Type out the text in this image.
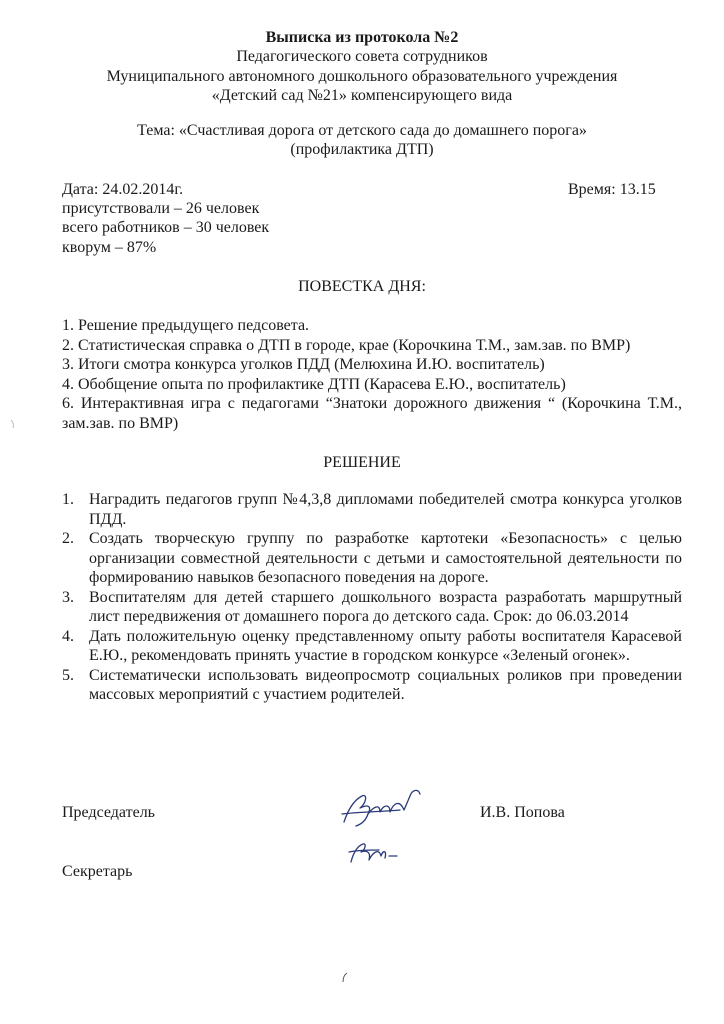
Выписка из протокола №2
Педагогического совета сотрудников
Муниципального автономного дошкольного образовательного учреждения
«Детский сад №21» компенсирующего вида
Тема: «Счастливая дорога от детского сада до домашнего порога»
(профилактика ДТП)
Дата: 24.02.2014г.	Время: 13.15
присутствовали – 26 человек
всего работников – 30 человек
кворум – 87%
ПОВЕСТКА ДНЯ:
1. Решение предыдущего педсовета.
2. Статистическая справка о ДТП в городе, крае (Корочкина Т.М., зам.зав. по ВМР)
3. Итоги смотра конкурса уголков ПДД (Мелюхина И.Ю. воспитатель)
4. Обобщение опыта по профилактике ДТП (Карасева Е.Ю., воспитатель)
6. Интерактивная игра с педагогами “Знатоки дорожного движения “ (Корочкина Т.М., зам.зав. по ВМР)
РЕШЕНИЕ
1. Наградить педагогов групп №4,3,8 дипломами победителей смотра конкурса уголков ПДД.
2. Создать творческую группу по разработке картотеки «Безопасность» с целью организации совместной деятельности с детьми и самостоятельной деятельности по формированию навыков безопасного поведения на дороге.
3. Воспитателям для детей старшего дошкольного возраста разработать маршрутный лист передвижения от домашнего порога до детского сада. Срок: до 06.03.2014
4. Дать положительную оценку представленному опыту работы воспитателя Карасевой Е.Ю., рекомендовать принять участие в городском конкурсе «Зеленый огонек».
5. Систематически использовать видеопросмотр социальных роликов при проведении массовых мероприятий с участием родителей.
Председатель	И.В. Попова
Секретарь
